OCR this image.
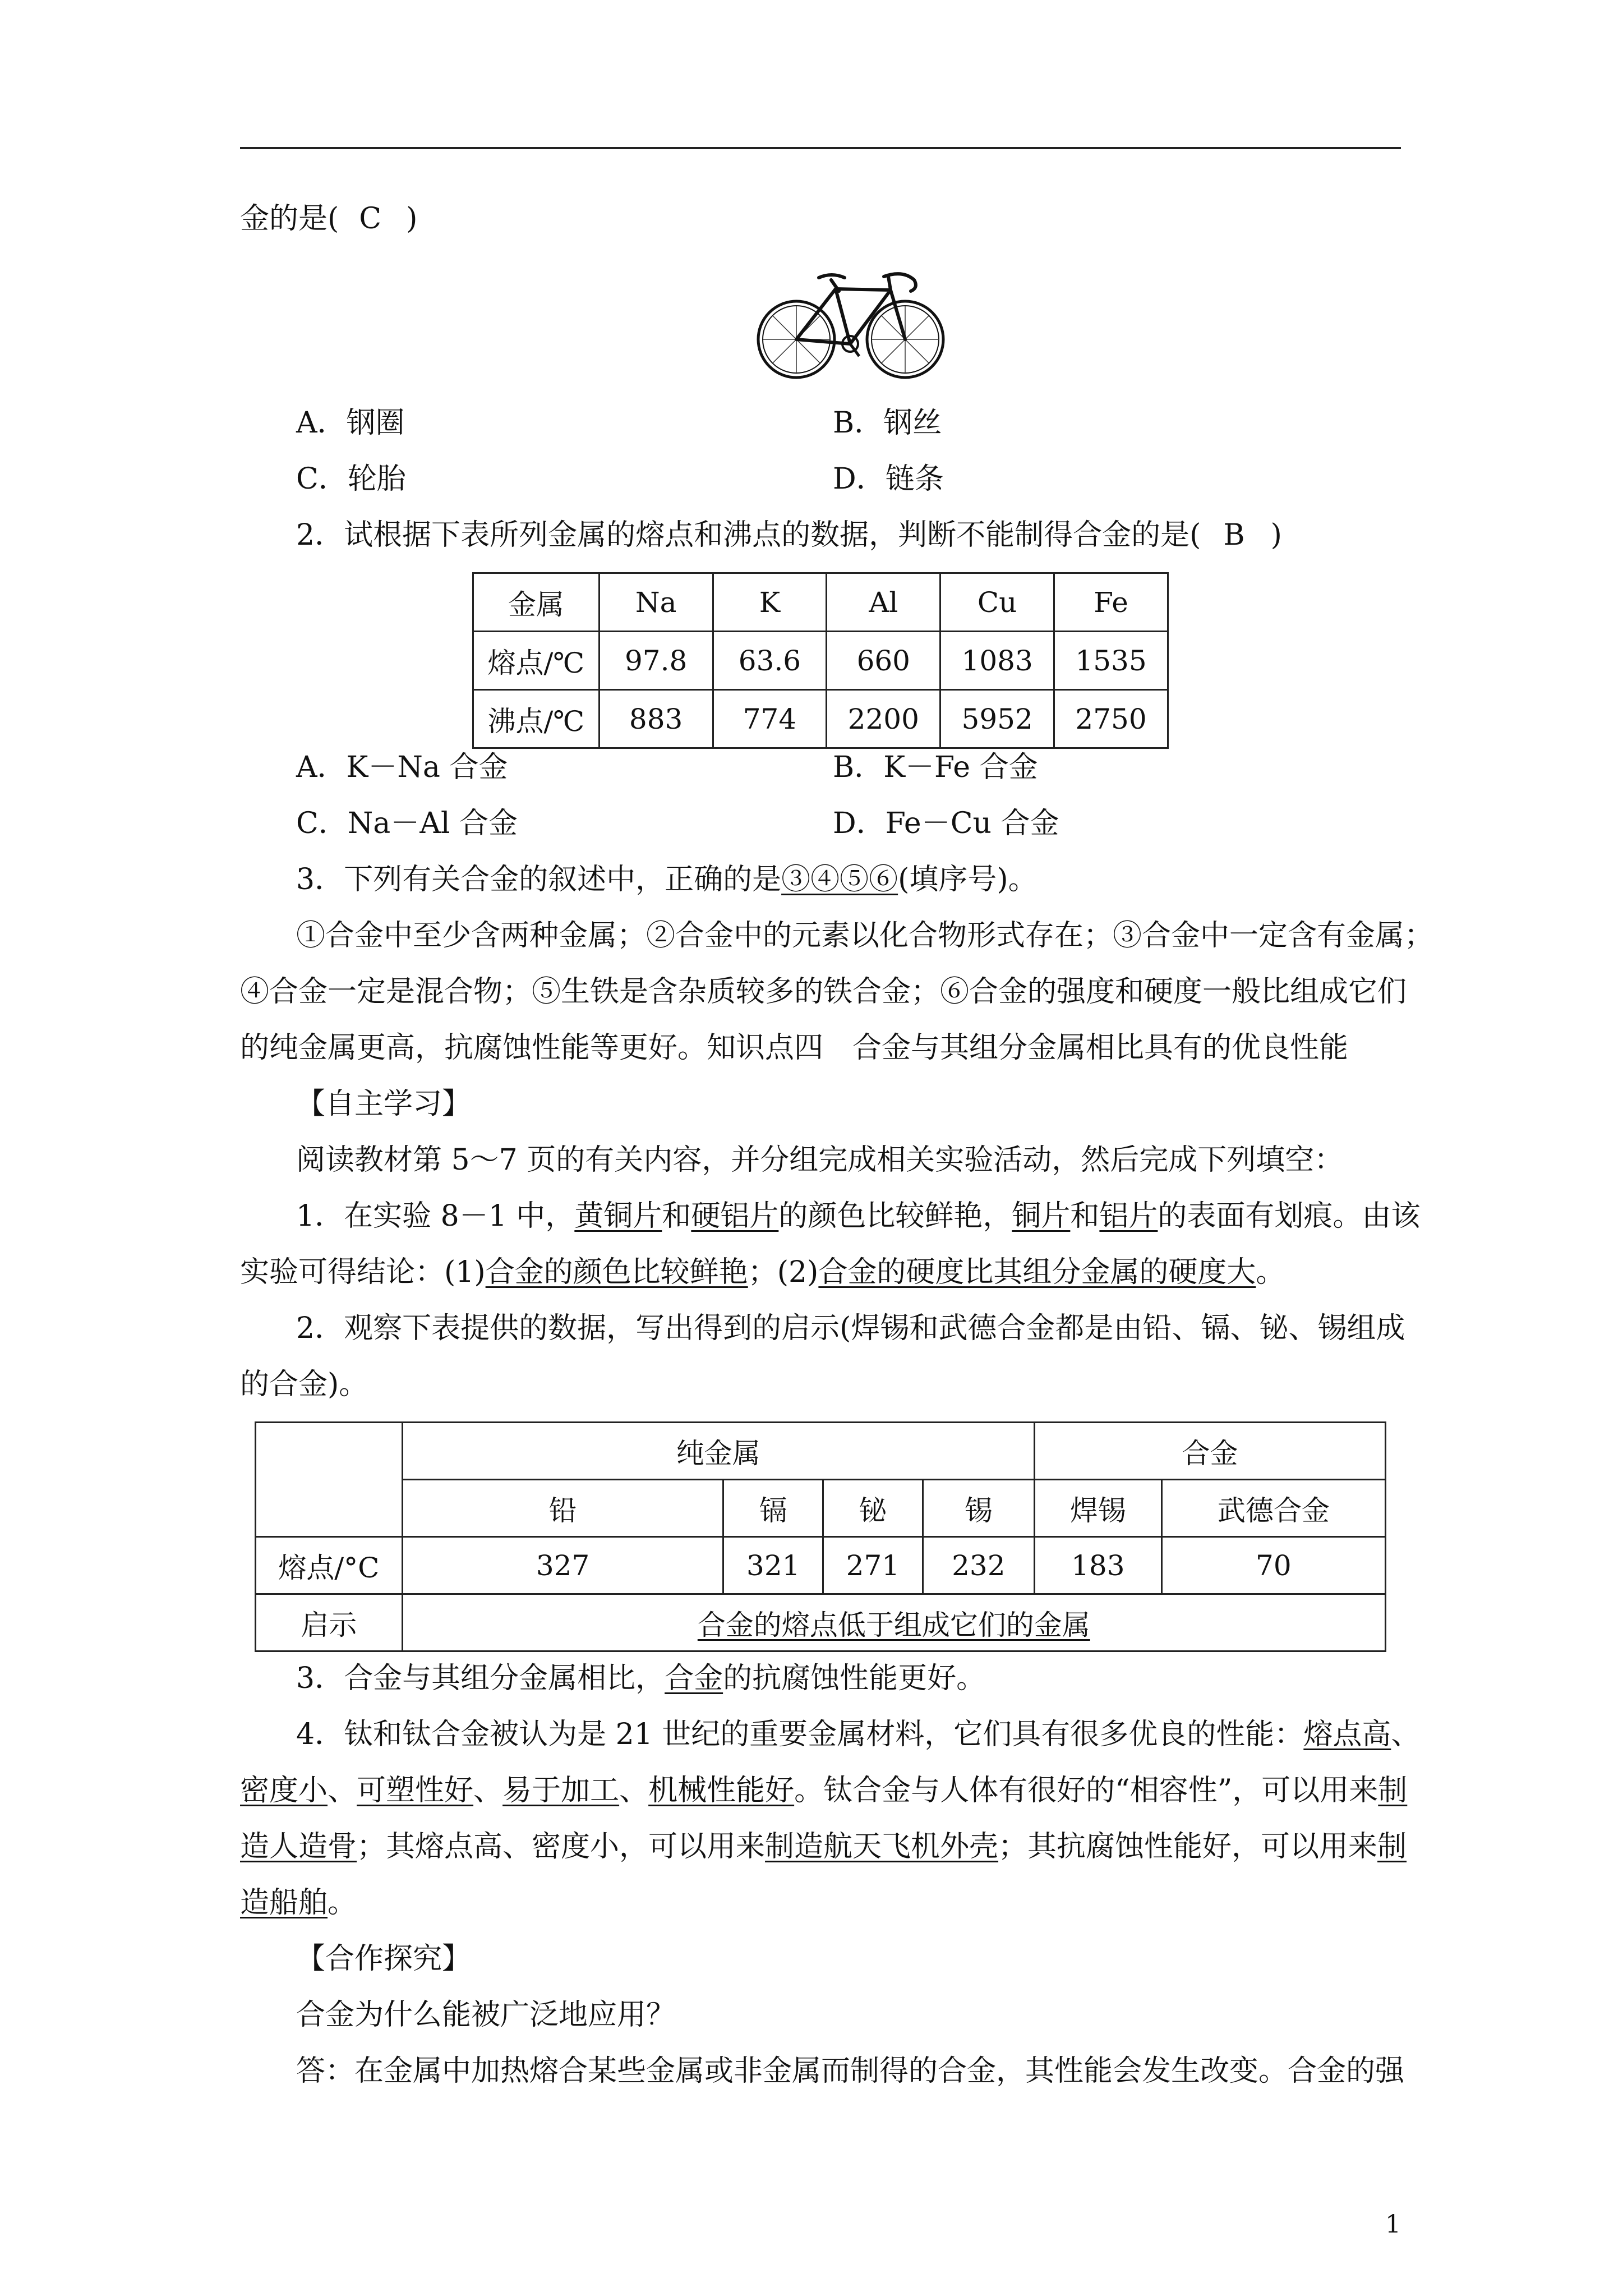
金的是( C )
A．钢圈	B．钢丝
C．轮胎	D．链条
2．试根据下表所列金属的熔点和沸点的数据，判断不能制得合金的是( B )
金属	Na	K	Al	Cu	Fe
熔点/℃	97.8	63.6	660	1083	1535
沸点/℃	883	774	2200	5952	2750
A．K－Na 合金	B．K－Fe 合金
C．Na－Al 合金	D．Fe－Cu 合金
3．下列有关合金的叙述中，正确的是③④⑤⑥(填序号)。
①合金中至少含两种金属；②合金中的元素以化合物形式存在；③合金中一定含有金属；
④合金一定是混合物；⑤生铁是含杂质较多的铁合金；⑥合金的强度和硬度一般比组成它们
的纯金属更高，抗腐蚀性能等更好。知识点四　合金与其组分金属相比具有的优良性能
【自主学习】
阅读教材第 5～7 页的有关内容，并分组完成相关实验活动，然后完成下列填空：
1．在实验 8－1 中，黄铜片和硬铝片的颜色比较鲜艳，铜片和铝片的表面有划痕。由该
实验可得结论：(1)合金的颜色比较鲜艳；(2)合金的硬度比其组分金属的硬度大。
2．观察下表提供的数据，写出得到的启示(焊锡和武德合金都是由铅、镉、铋、锡组成
的合金)。
	纯金属				合金	
	铅	镉	铋	锡	焊锡	武德合金
熔点/°C	327	321	271	232	183	70
启示	合金的熔点低于组成它们的金属					
3．合金与其组分金属相比，合金的抗腐蚀性能更好。
4．钛和钛合金被认为是 21 世纪的重要金属材料，它们具有很多优良的性能：熔点高、
密度小、可塑性好、易于加工、机械性能好。钛合金与人体有很好的“相容性”，可以用来制
造人造骨；其熔点高、密度小，可以用来制造航天飞机外壳；其抗腐蚀性能好，可以用来制
造船舶。
【合作探究】
合金为什么能被广泛地应用？
答：在金属中加热熔合某些金属或非金属而制得的合金，其性能会发生改变。合金的强
1
